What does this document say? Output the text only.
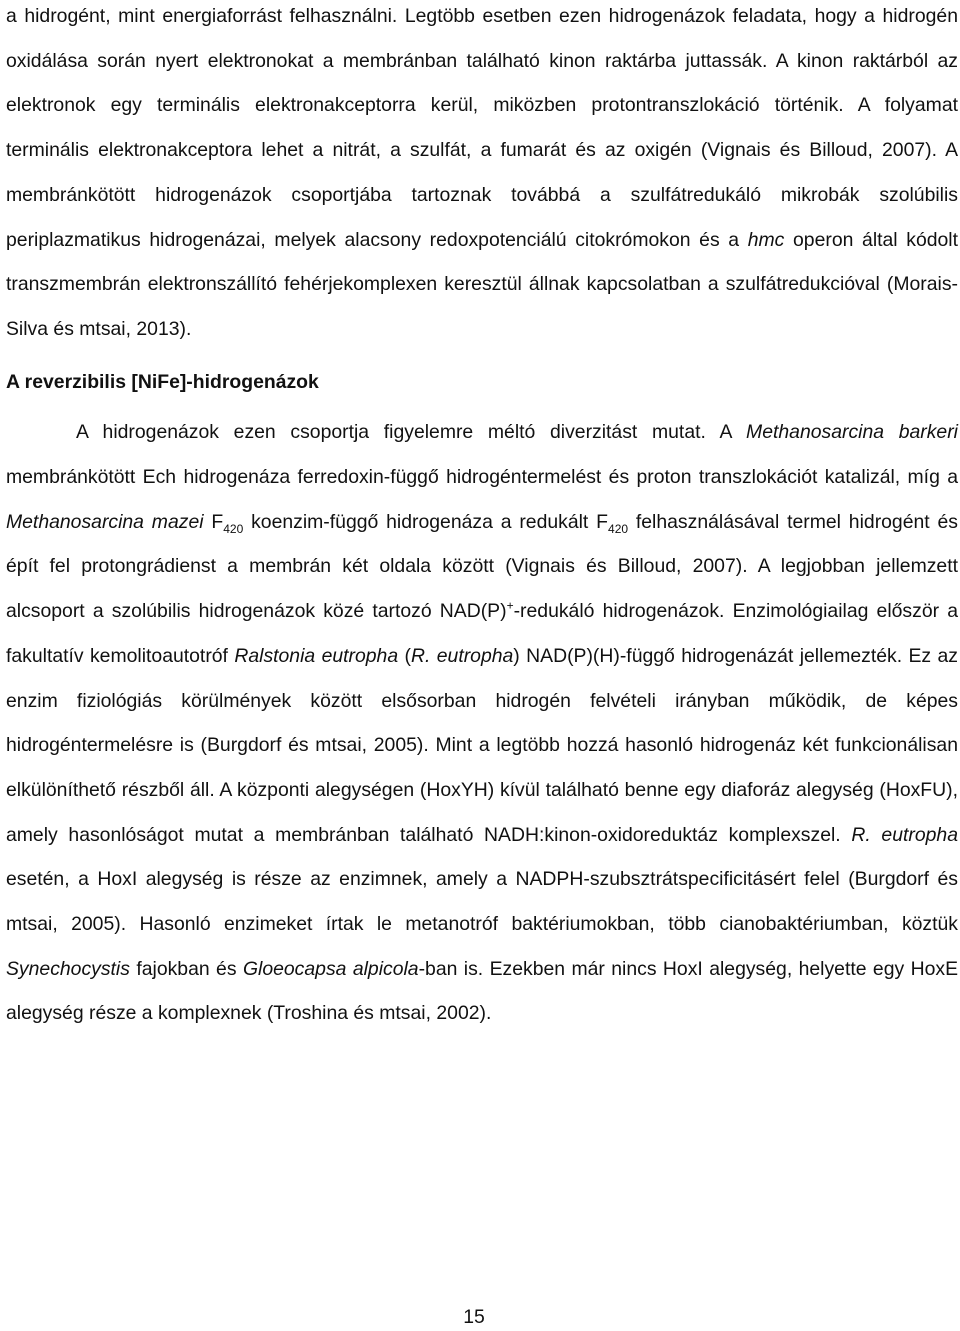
a hidrogént, mint energiaforrást felhasználni. Legtöbb esetben ezen hidrogenázok feladata, hogy a hidrogén oxidálása során nyert elektronokat a membránban található kinon raktárba juttassák. A kinon raktárból az elektronok egy terminális elektronakceptorra kerül, miközben protontranszlokáció történik. A folyamat terminális elektronakceptora lehet a nitrát, a szulfát, a fumarát és az oxigén (Vignais és Billoud, 2007). A membránkötött hidrogenázok csoportjába tartoznak továbbá a szulfátredukáló mikrobák szolúbilis periplazmatikus hidrogenázai, melyek alacsony redoxpotenciálú citokrómokon és a hmc operon által kódolt transzmembrán elektronszállító fehérjekomplexen keresztül állnak kapcsolatban a szulfátredukcióval (Morais-Silva és mtsai, 2013).

A reverzibilis [NiFe]-hidrogenázok

A hidrogenázok ezen csoportja figyelemre méltó diverzitást mutat. A Methanosarcina barkeri membránkötött Ech hidrogenáza ferredoxin-függő hidrogéntermelést és proton transzlokációt katalizál, míg a Methanosarcina mazei $F_{420}$ koenzim-függő hidrogenáza a redukált $F_{420}$ felhasználásával termel hidrogént és épít fel protongrádienst a membrán két oldala között (Vignais és Billoud, 2007). A legjobban jellemzett alcsoport a szolúbilis hidrogenázok közé tartozó NAD(P)+-redukáló hidrogenázok. Enzimológiailag először a fakultatív kemolitoautotróf Ralstonia eutropha (R. eutropha) NAD(P)(H)-függő hidrogenázát jellemezték. Ez az enzim fiziológiás körülmények között elsősorban hidrogén felvételi irányban működik, de képes hidrogéntermelésre is (Burgdorf és mtsai, 2005). Mint a legtöbb hozzá hasonló hidrogenáz két funkcionálisan elkülöníthető részből áll. A központi alegységen (HoxYH) kívül található benne egy diaforáz alegység (HoxFU), amely hasonlóságot mutat a membránban található NADH:kinon-oxidoreduktáz komplexszel. R. eutropha esetén, a HoxI alegység is része az enzimnek, amely a NADPH-szubsztrátspecificitásért felel (Burgdorf és mtsai, 2005). Hasonló enzimeket írtak le metanotróf baktériumokban, több cianobaktériumban, köztük Synechocystis fajokban és Gloeocapsa alpicola-ban is. Ezekben már nincs HoxI alegység, helyette egy HoxE alegység része a komplexnek (Troshina és mtsai, 2002).

15
